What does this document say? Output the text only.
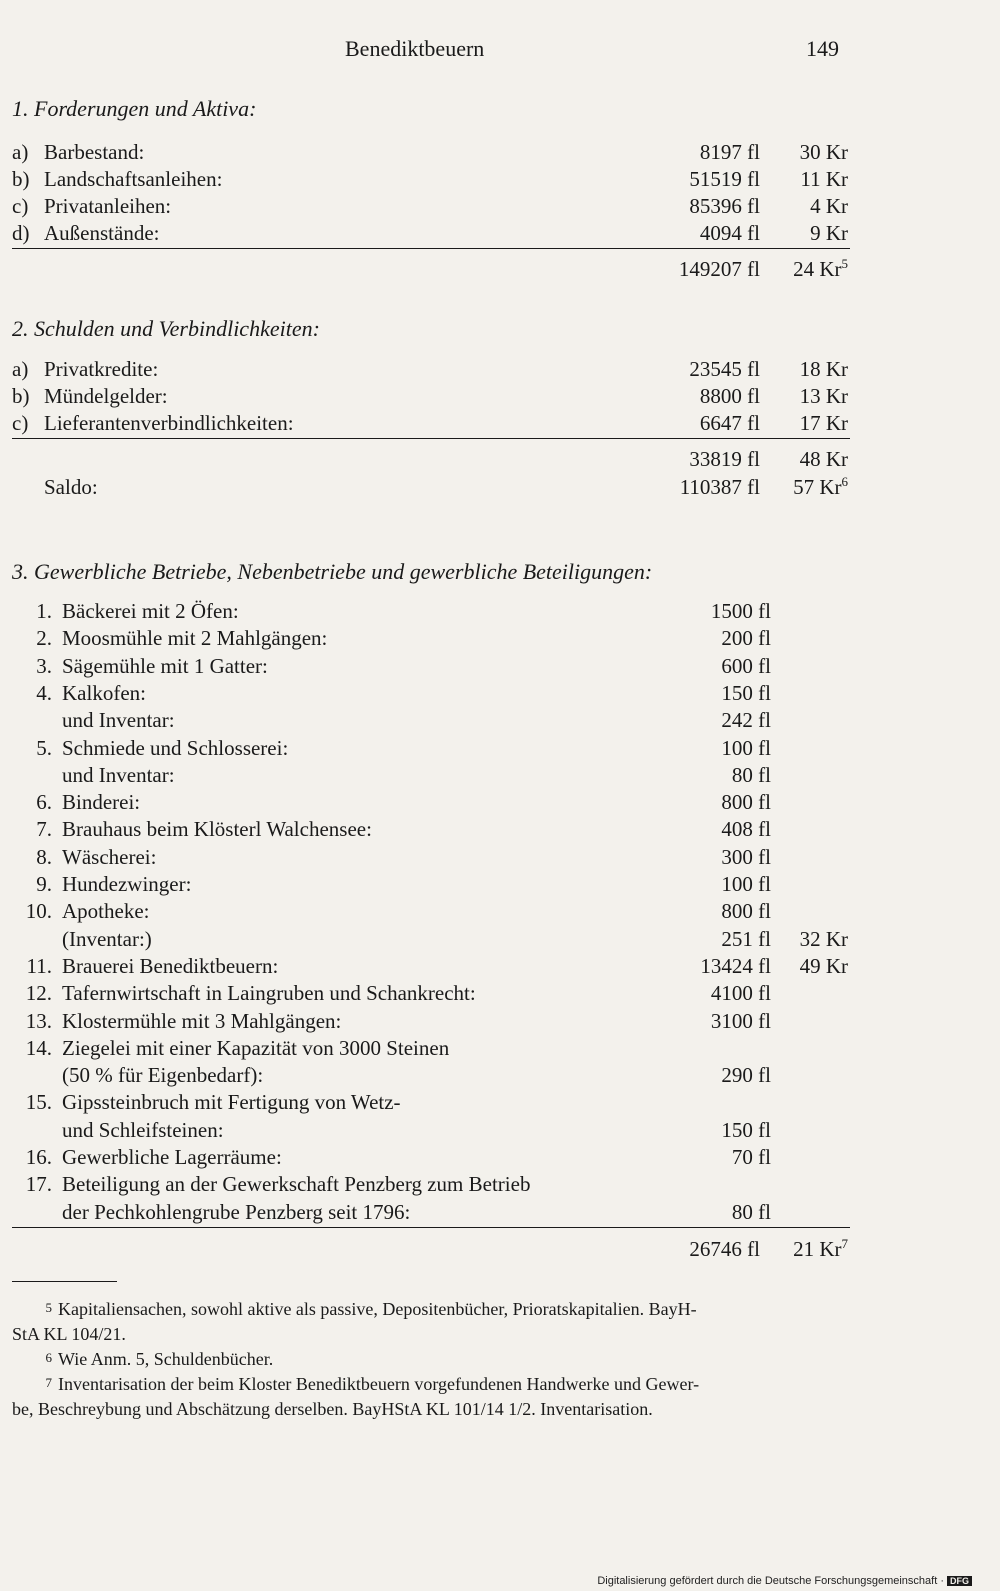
Benediktbeuern	149
1. Forderungen und Aktiva:
a) Barbestand:	8197 fl 30 Kr
b) Landschaftsanleihen:	51519 fl 11 Kr
c) Privatanleihen:	85396 fl 4 Kr
d) Außenstände:	4094 fl 9 Kr
149207 fl 24 Kr$^5$
2. Schulden und Verbindlichkeiten:
a) Privatkredite:	23545 fl 18 Kr
b) Mündelgelder:	8800 fl 13 Kr
c) Lieferantenverbindlichkeiten:	6647 fl 17 Kr
33819 fl 48 Kr
Saldo:	110387 fl 57 Kr$^6$
3. Gewerbliche Betriebe, Nebenbetriebe und gewerbliche Beteiligungen:
1. Bäckerei mit 2 Öfen:	1500 fl
2. Moosmühle mit 2 Mahlgängen:	200 fl
3. Sägemühle mit 1 Gatter:	600 fl
4. Kalkofen:	150 fl
und Inventar:	242 fl
5. Schmiede und Schlosserei:	100 fl
und Inventar:	80 fl
6. Binderei:	800 fl
7. Brauhaus beim Klösterl Walchensee:	408 fl
8. Wäscherei:	300 fl
9. Hundezwinger:	100 fl
10. Apotheke:	800 fl
(Inventar:)	251 fl 32 Kr
11. Brauerei Benediktbeuern:	13424 fl 49 Kr
12. Tafernwirtschaft in Laingruben und Schankrecht:	4100 fl
13. Klostermühle mit 3 Mahlgängen:	3100 fl
14. Ziegelei mit einer Kapazität von 3000 Steinen
(50 % für Eigenbedarf):	290 fl
15. Gipssteinbruch mit Fertigung von Wetz-
und Schleifsteinen:	150 fl
16. Gewerbliche Lagerräume:	70 fl
17. Beteiligung an der Gewerkschaft Penzberg zum Betrieb
der Pechkohlengrube Penzberg seit 1796:	80 fl
26746 fl 21 Kr$^7$
5 Kapitaliensachen, sowohl aktive als passive, Depositenbücher, Prioratskapitalien. BayH-
StA KL 104/21.
6 Wie Anm. 5, Schuldenbücher.
7 Inventarisation der beim Kloster Benediktbeuern vorgefundenen Handwerke und Gewer-
be, Beschreybung und Abschätzung derselben. BayHStA KL 101/14 1/2. Inventarisation.
Digitalisierung gefördert durch die Deutsche Forschungsgemeinschaft · DFG
